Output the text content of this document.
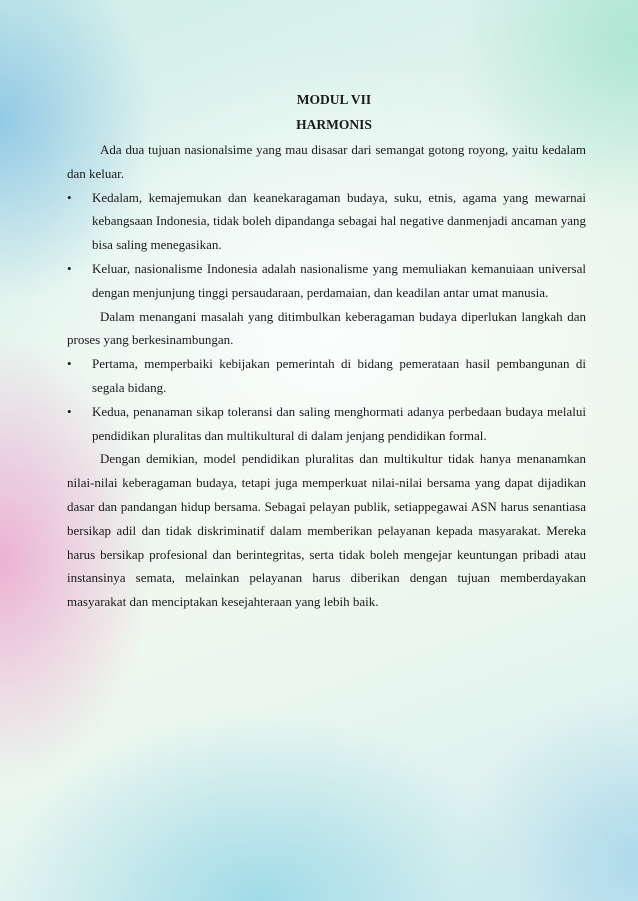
MODUL VII
HARMONIS

Ada dua tujuan nasionalsime yang mau disasar dari semangat gotong royong, yaitu kedalam dan keluar.

•	Kedalam, kemajemukan dan keanekaragaman budaya, suku, etnis, agama yang mewarnai kebangsaan Indonesia, tidak boleh dipandanga sebagai hal negative danmenjadi ancaman yang bisa saling menegasikan.
•	Keluar, nasionalisme Indonesia adalah nasionalisme yang memuliakan kemanuiaan universal dengan menjunjung tinggi persaudaraan, perdamaian, dan keadilan antar umat manusia.

Dalam menangani masalah yang ditimbulkan keberagaman budaya diperlukan langkah dan proses yang berkesinambungan.

•	Pertama, memperbaiki kebijakan pemerintah di bidang pemerataan hasil pembangunan di segala bidang.
•	Kedua, penanaman sikap toleransi dan saling menghormati adanya perbedaan budaya melalui pendidikan pluralitas dan multikultural di dalam jenjang pendidikan formal.

Dengan demikian, model pendidikan pluralitas dan multikultur tidak hanya menanamkan nilai-nilai keberagaman budaya, tetapi juga memperkuat nilai-nilai bersama yang dapat dijadikan dasar dan pandangan hidup bersama. Sebagai pelayan publik, setiappegawai ASN harus senantiasa bersikap adil dan tidak diskriminatif dalam memberikan pelayanan kepada masyarakat. Mereka harus bersikap profesional dan berintegritas, serta tidak boleh mengejar keuntungan pribadi atau instansinya semata, melainkan pelayanan harus diberikan dengan tujuan memberdayakan masyarakat dan menciptakan kesejahteraan yang lebih baik.
